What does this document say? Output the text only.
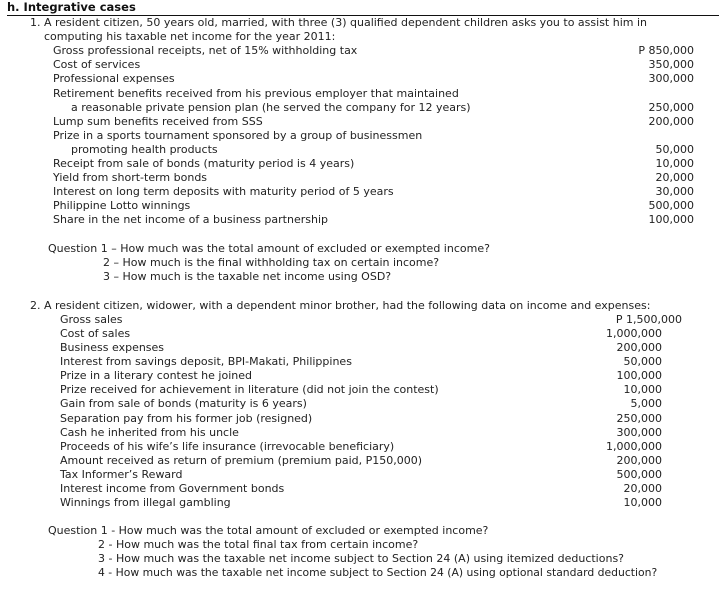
h. Integrative cases
1. A resident citizen, 50 years old, married, with three (3) qualified dependent children asks you to assist him in
computing his taxable net income for the year 2011:
Gross professional receipts, net of 15% withholding tax	P 850,000
Cost of services	350,000
Professional expenses	300,000
Retirement benefits received from his previous employer that maintained
a reasonable private pension plan (he served the company for 12 years)	250,000
Lump sum benefits received from SSS	200,000
Prize in a sports tournament sponsored by a group of businessmen
promoting health products	50,000
Receipt from sale of bonds (maturity period is 4 years)	10,000
Yield from short-term bonds	20,000
Interest on long term deposits with maturity period of 5 years	30,000
Philippine Lotto winnings	500,000
Share in the net income of a business partnership	100,000
Question 1 – How much was the total amount of excluded or exempted income?
2 – How much is the final withholding tax on certain income?
3 – How much is the taxable net income using OSD?
2. A resident citizen, widower, with a dependent minor brother, had the following data on income and expenses:
Gross sales	P 1,500,000
Cost of sales	1,000,000
Business expenses	200,000
Interest from savings deposit, BPI-Makati, Philippines	50,000
Prize in a literary contest he joined	100,000
Prize received for achievement in literature (did not join the contest)	10,000
Gain from sale of bonds (maturity is 6 years)	5,000
Separation pay from his former job (resigned)	250,000
Cash he inherited from his uncle	300,000
Proceeds of his wife’s life insurance (irrevocable beneficiary)	1,000,000
Amount received as return of premium (premium paid, P150,000)	200,000
Tax Informer’s Reward	500,000
Interest income from Government bonds	20,000
Winnings from illegal gambling	10,000
Question 1 - How much was the total amount of excluded or exempted income?
2 - How much was the total final tax from certain income?
3 - How much was the taxable net income subject to Section 24 (A) using itemized deductions?
4 - How much was the taxable net income subject to Section 24 (A) using optional standard deduction?
